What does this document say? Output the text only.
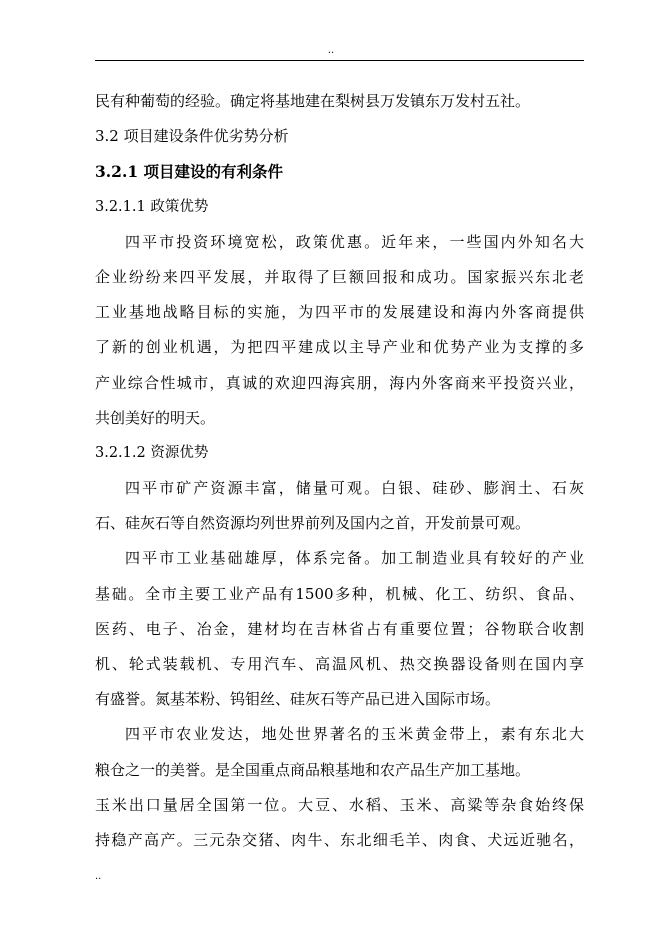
..
民有种葡萄的经验。确定将基地建在梨树县万发镇东万发村五社。
3.2 项目建设条件优劣势分析
3.2.1 项目建设的有利条件
3.2.1.1 政策优势
四平市投资环境宽松，政策优惠。近年来，一些国内外知名大
企业纷纷来四平发展，并取得了巨额回报和成功。国家振兴东北老
工业基地战略目标的实施，为四平市的发展建设和海内外客商提供
了新的创业机遇，为把四平建成以主导产业和优势产业为支撑的多
产业综合性城市，真诚的欢迎四海宾朋，海内外客商来平投资兴业，
共创美好的明天。
3.2.1.2 资源优势
四平市矿产资源丰富，储量可观。白银、硅砂、膨润土、石灰
石、硅灰石等自然资源均列世界前列及国内之首，开发前景可观。
四平市工业基础雄厚，体系完备。加工制造业具有较好的产业
基础。全市主要工业产品有1500多种，机械、化工、纺织、食品、
医药、电子、冶金，建材均在吉林省占有重要位置；谷物联合收割
机、轮式装载机、专用汽车、高温风机、热交换器设备则在国内享
有盛誉。氮基苯粉、钨钼丝、硅灰石等产品已进入国际市场。
四平市农业发达，地处世界著名的玉米黄金带上，素有东北大
粮仓之一的美誉。是全国重点商品粮基地和农产品生产加工基地。
玉米出口量居全国第一位。大豆、水稻、玉米、高粱等杂食始终保
持稳产高产。三元杂交猪、肉牛、东北细毛羊、肉食、犬远近驰名，
..
